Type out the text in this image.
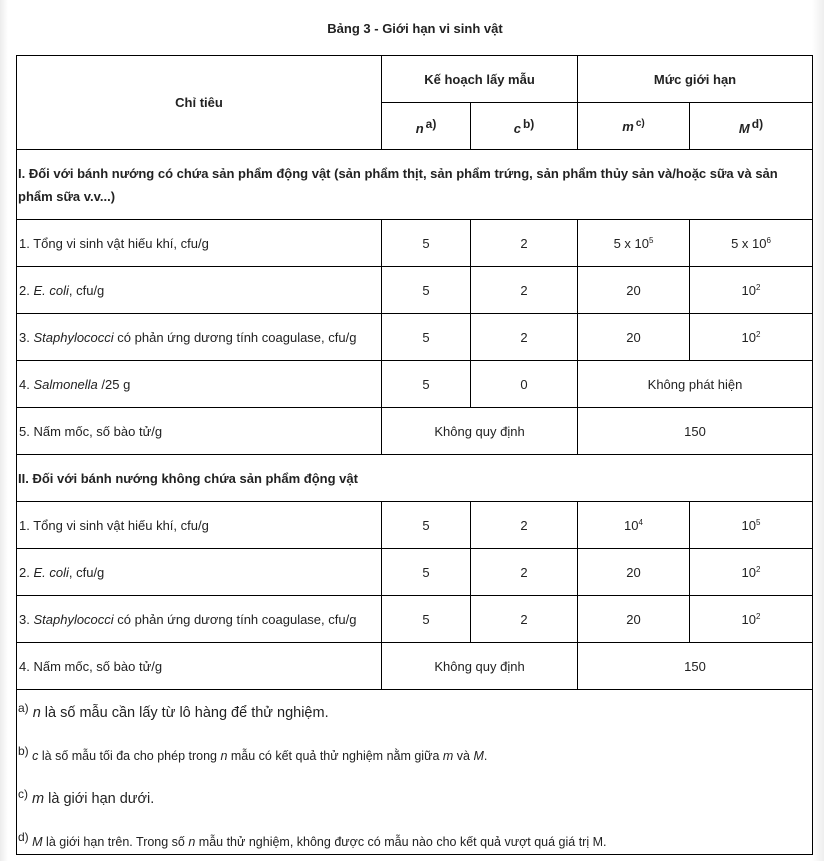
Bảng 3 - Giới hạn vi sinh vật
Chỉ tiêu	Kế hoạch lấy mẫu		Mức giới hạn	
	n $^{a)}$	c $^{b)}$	m $^{c)}$	M $^{d)}$
I. Đối với bánh nướng có chứa sản phẩm động vật (sản phẩm thịt, sản phẩm trứng, sản phẩm thủy sản và/hoặc sữa và sản phẩm sữa v.v...)				
1. Tổng vi sinh vật hiếu khí, cfu/g	5	2	5 x $10^5$	5 x $10^6$
2. E. coli, cfu/g	5	2	20	$10^2$
3. Staphylococci có phản ứng dương tính coagulase, cfu/g	5	2	20	$10^2$
4. Salmonella /25 g	5	0	Không phát hiện	
5. Nấm mốc, số bào tử/g	Không quy định		150	
II. Đối với bánh nướng không chứa sản phẩm động vật				
1. Tổng vi sinh vật hiếu khí, cfu/g	5	2	$10^4$	$10^5$
2. E. coli, cfu/g	5	2	20	$10^2$
3. Staphylococci có phản ứng dương tính coagulase, cfu/g	5	2	20	$10^2$
4. Nấm mốc, số bào tử/g	Không quy định		150	

$^{a)}$ n là số mẫu cần lấy từ lô hàng để thử nghiệm.

$^{b)}$ c là số mẫu tối đa cho phép trong n mẫu có kết quả thử nghiệm nằm giữa m và M.

$^{c)}$ m là giới hạn dưới.

$^{d)}$ M là giới hạn trên. Trong số n mẫu thử nghiệm, không được có mẫu nào cho kết quả vượt quá giá trị M.				
